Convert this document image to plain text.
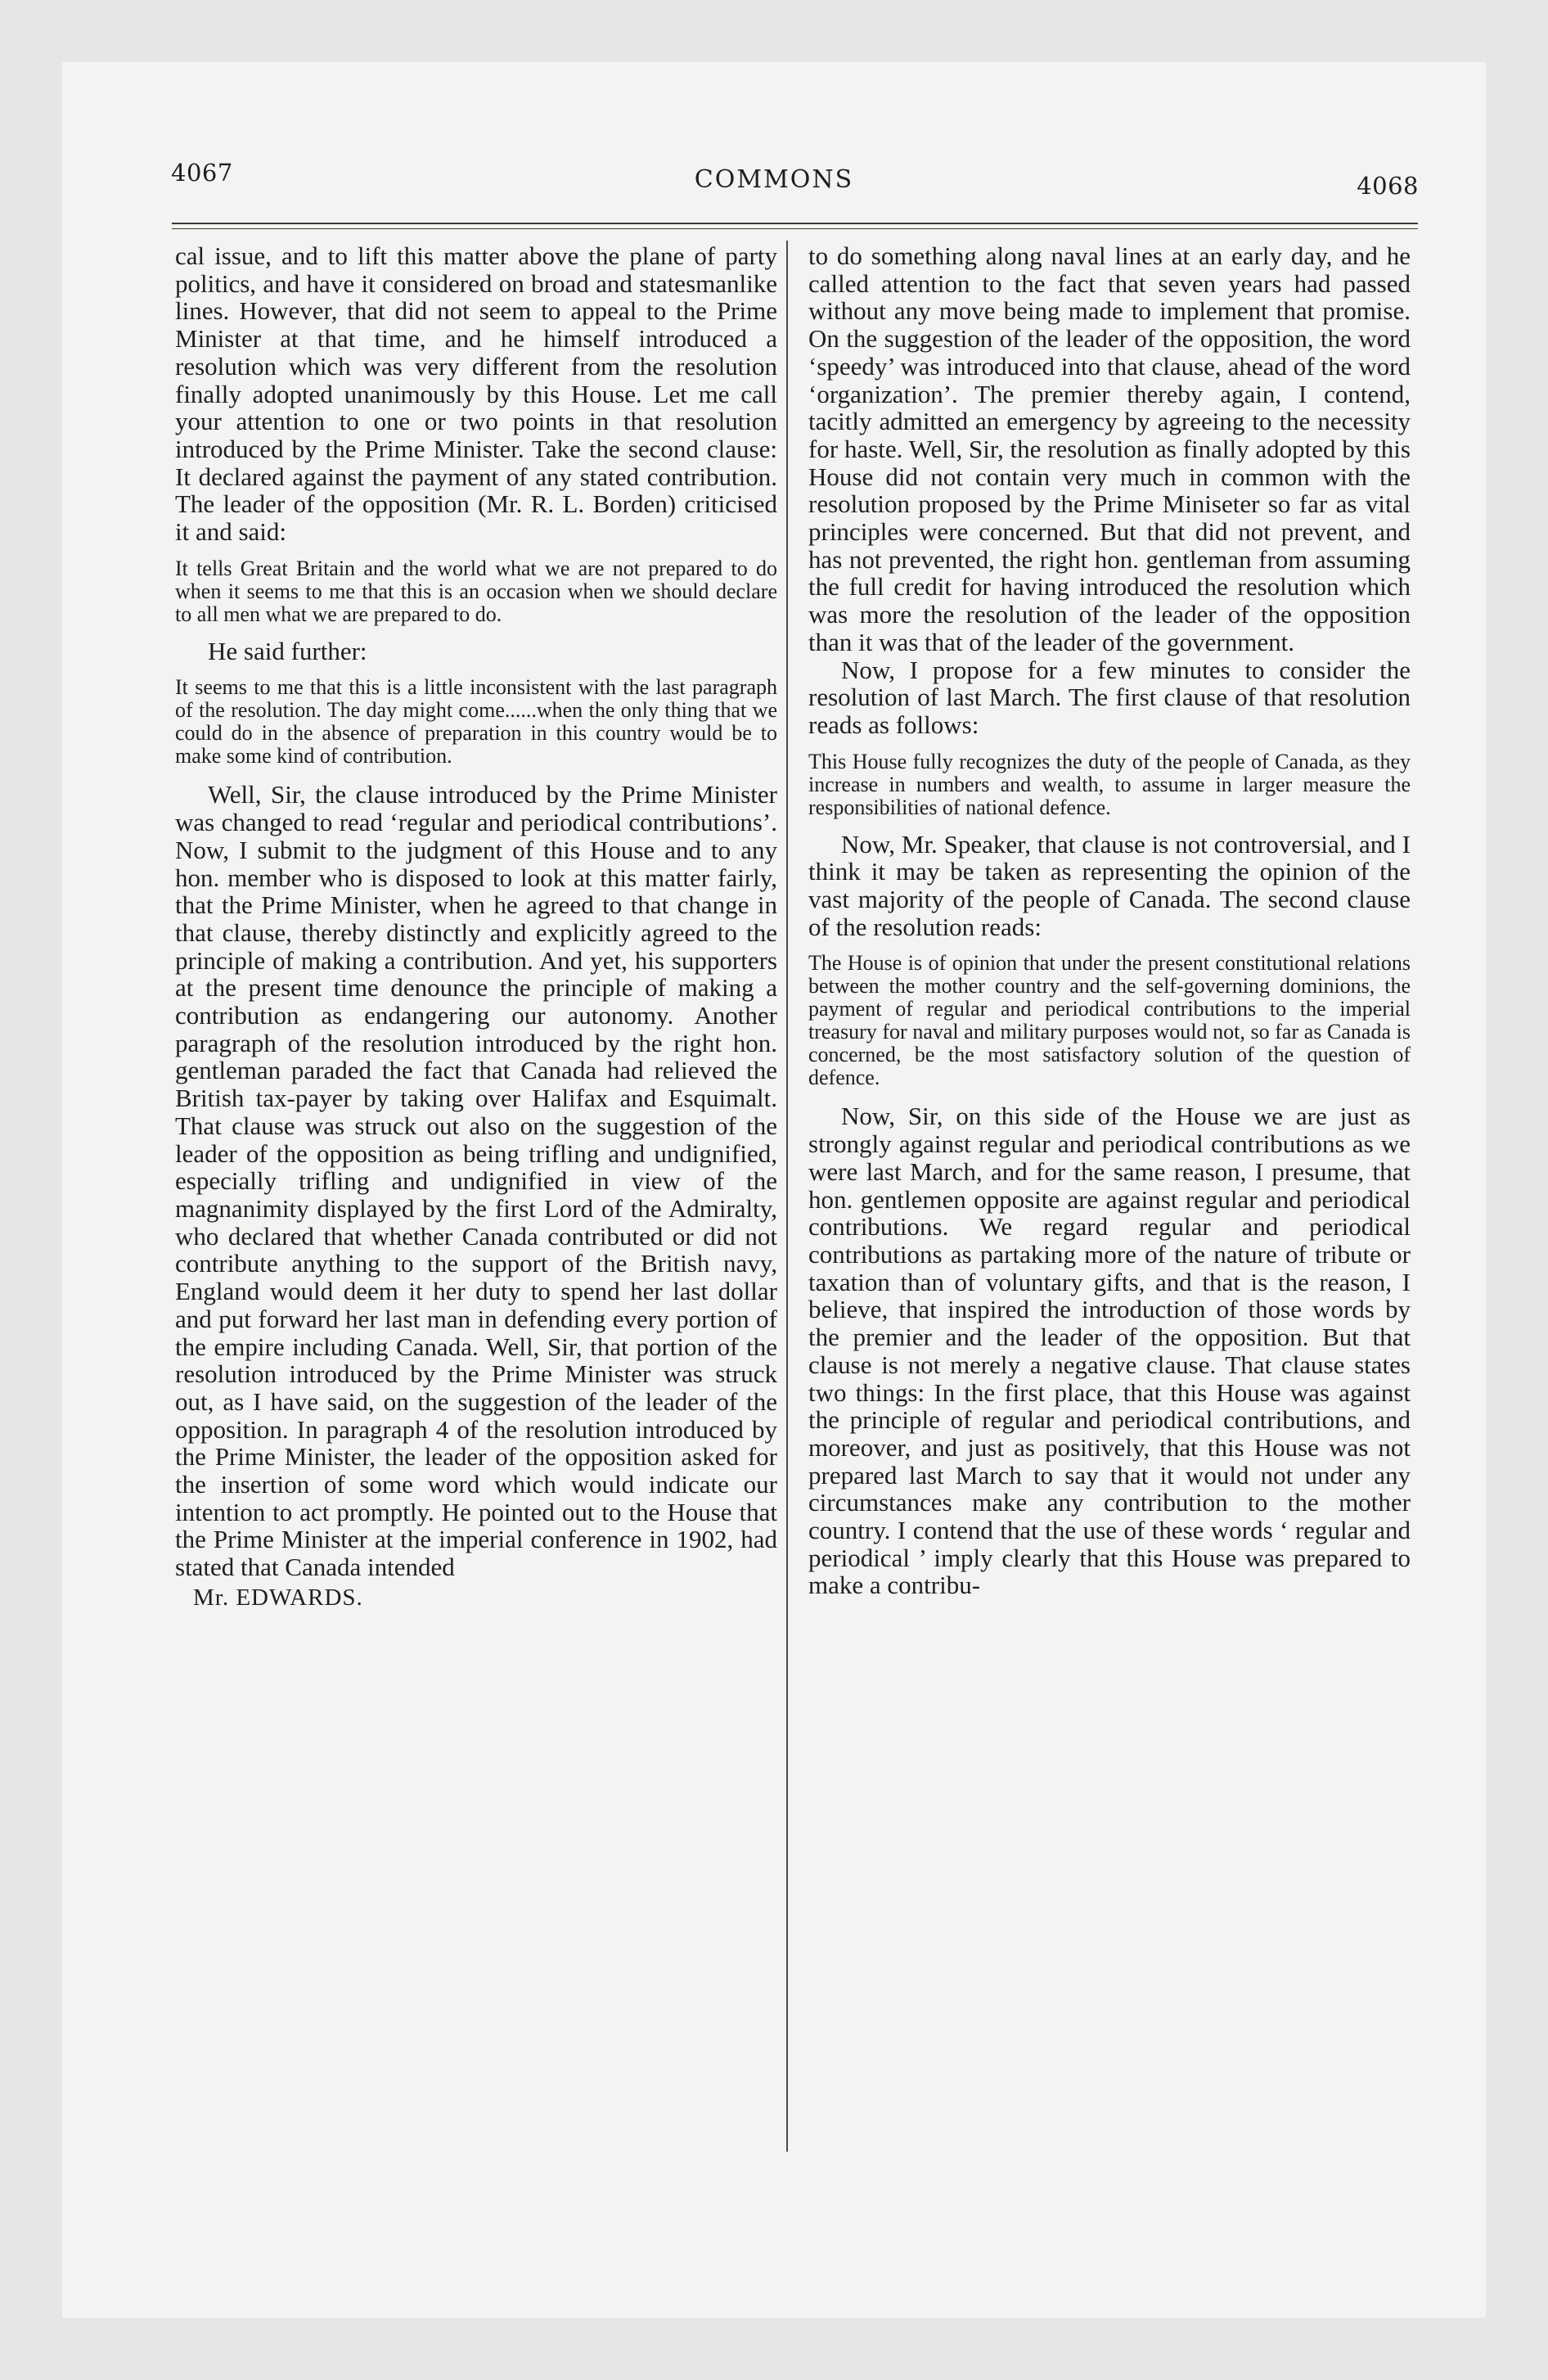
4067	COMMONS	4068

cal issue, and to lift this matter above the plane of party politics, and have it considered on broad and statesmanlike lines. However, that did not seem to appeal to the Prime Minister at that time, and he himself introduced a resolution which was very different from the resolution finally adopted unanimously by this House. Let me call your attention to one or two points in that resolution introduced by the Prime Minister. Take the second clause: It declared against the payment of any stated contribution. The leader of the opposition (Mr. R. L. Borden) criticised it and said:

It tells Great Britain and the world what we are not prepared to do when it seems to me that this is an occasion when we should declare to all men what we are prepared to do.

He said further:

It seems to me that this is a little inconsistent with the last paragraph of the resolution. The day might come......when the only thing that we could do in the absence of preparation in this country would be to make some kind of contribution.

Well, Sir, the clause introduced by the Prime Minister was changed to read ‘regular and periodical contributions’. Now, I submit to the judgment of this House and to any hon. member who is disposed to look at this matter fairly, that the Prime Minister, when he agreed to that change in that clause, thereby distinctly and explicitly agreed to the principle of making a contribution. And yet, his supporters at the present time denounce the principle of making a contribution as endangering our autonomy. Another paragraph of the resolution introduced by the right hon. gentleman paraded the fact that Canada had relieved the British tax-payer by taking over Halifax and Esquimalt. That clause was struck out also on the suggestion of the leader of the opposition as being trifling and undignified, especially trifling and undignified in view of the magnanimity displayed by the first Lord of the Admiralty, who declared that whether Canada contributed or did not contribute anything to the support of the British navy, England would deem it her duty to spend her last dollar and put forward her last man in defending every portion of the empire including Canada. Well, Sir, that portion of the resolution introduced by the Prime Minister was struck out, as I have said, on the suggestion of the leader of the opposition. In paragraph 4 of the resolution introduced by the Prime Minister, the leader of the opposition asked for the insertion of some word which would indicate our intention to act promptly. He pointed out to the House that the Prime Minister at the imperial conference in 1902, had stated that Canada intended

Mr. EDWARDS.

to do something along naval lines at an early day, and he called attention to the fact that seven years had passed without any move being made to implement that promise. On the suggestion of the leader of the opposition, the word ‘speedy’ was introduced into that clause, ahead of the word ‘organization’. The premier thereby again, I contend, tacitly admitted an emergency by agreeing to the necessity for haste. Well, Sir, the resolution as finally adopted by this House did not contain very much in common with the resolution proposed by the Prime Miniseter so far as vital principles were concerned. But that did not prevent, and has not prevented, the right hon. gentleman from assuming the full credit for having introduced the resolution which was more the resolution of the leader of the opposition than it was that of the leader of the government.

Now, I propose for a few minutes to consider the resolution of last March. The first clause of that resolution reads as follows:

This House fully recognizes the duty of the people of Canada, as they increase in numbers and wealth, to assume in larger measure the responsibilities of national defence.

Now, Mr. Speaker, that clause is not controversial, and I think it may be taken as representing the opinion of the vast majority of the people of Canada. The second clause of the resolution reads:

The House is of opinion that under the present constitutional relations between the mother country and the self-governing dominions, the payment of regular and periodical contributions to the imperial treasury for naval and military purposes would not, so far as Canada is concerned, be the most satisfactory solution of the question of defence.

Now, Sir, on this side of the House we are just as strongly against regular and periodical contributions as we were last March, and for the same reason, I presume, that hon. gentlemen opposite are against regular and periodical contributions. We regard regular and periodical contributions as partaking more of the nature of tribute or taxation than of voluntary gifts, and that is the reason, I believe, that inspired the introduction of those words by the premier and the leader of the opposition. But that clause is not merely a negative clause. That clause states two things: In the first place, that this House was against the principle of regular and periodical contributions, and moreover, and just as positively, that this House was not prepared last March to say that it would not under any circumstances make any contribution to the mother country. I contend that the use of these words ‘ regular and periodical ’ imply clearly that this House was prepared to make a contribu-
